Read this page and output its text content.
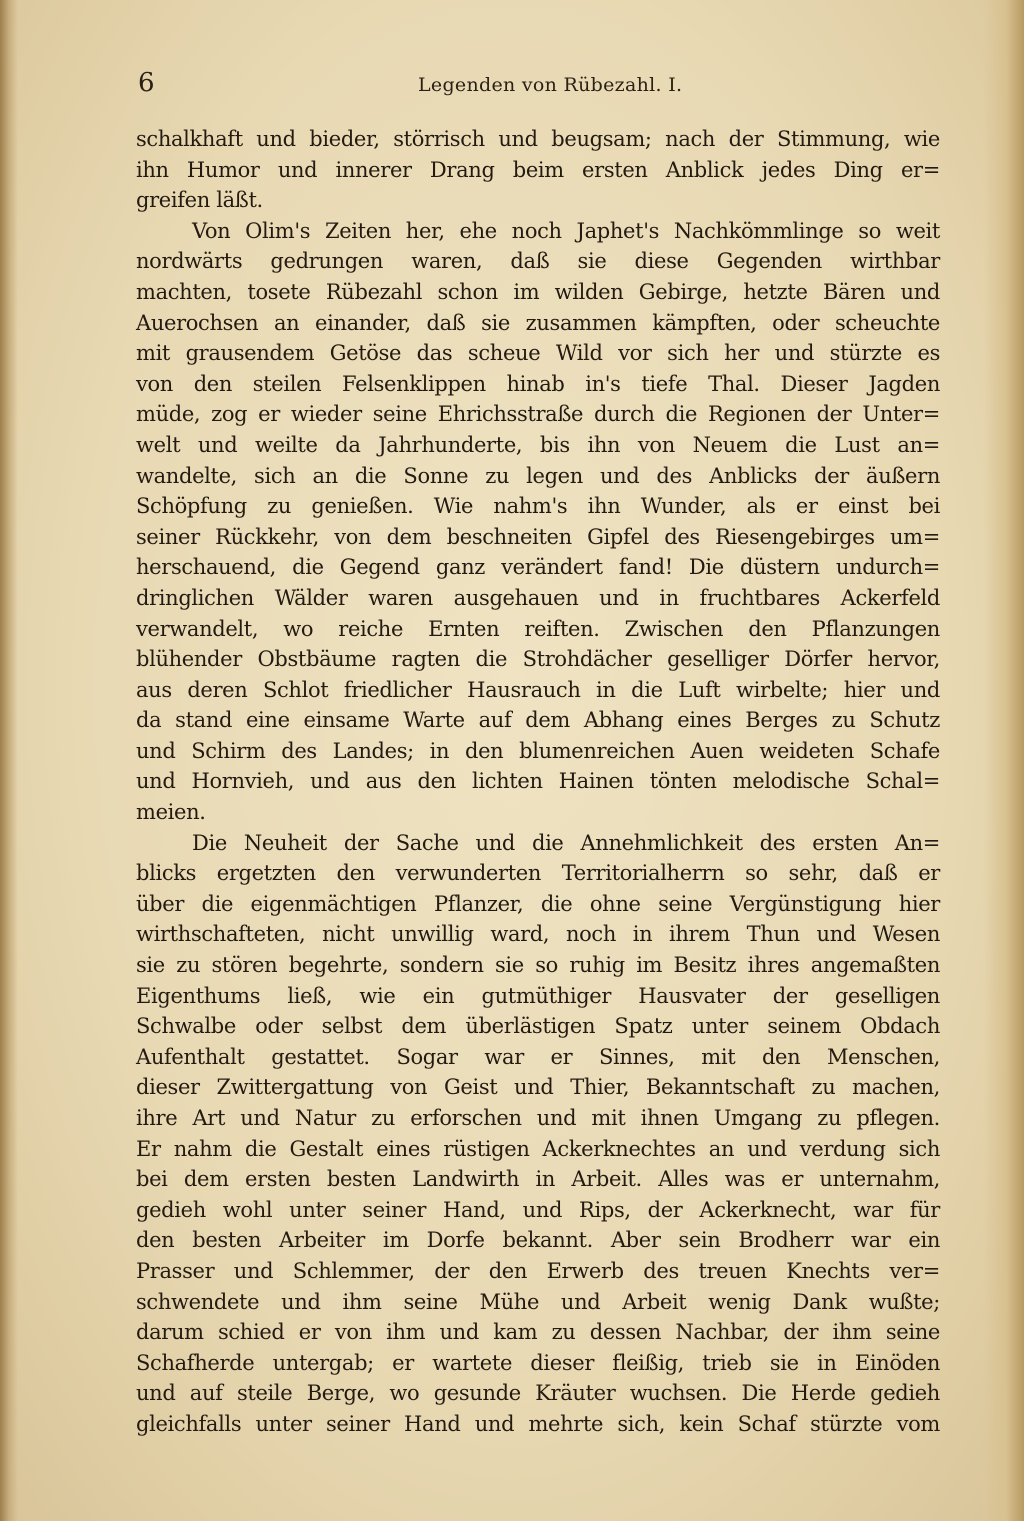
6	Legenden von Rübezahl. I.
schalkhaft und bieder, störrisch und beugsam; nach der Stimmung, wie
ihn Humor und innerer Drang beim ersten Anblick jedes Ding er=
greifen läßt.
Von Olim's Zeiten her, ehe noch Japhet's Nachkömmlinge so weit
nordwärts gedrungen waren, daß sie diese Gegenden wirthbar
machten, tosete Rübezahl schon im wilden Gebirge, hetzte Bären und
Auerochsen an einander, daß sie zusammen kämpften, oder scheuchte
mit grausendem Getöse das scheue Wild vor sich her und stürzte es
von den steilen Felsenklippen hinab in's tiefe Thal. Dieser Jagden
müde, zog er wieder seine Ehrichsstraße durch die Regionen der Unter=
welt und weilte da Jahrhunderte, bis ihn von Neuem die Lust an=
wandelte, sich an die Sonne zu legen und des Anblicks der äußern
Schöpfung zu genießen. Wie nahm's ihn Wunder, als er einst bei
seiner Rückkehr, von dem beschneiten Gipfel des Riesengebirges um=
herschauend, die Gegend ganz verändert fand! Die düstern undurch=
dringlichen Wälder waren ausgehauen und in fruchtbares Ackerfeld
verwandelt, wo reiche Ernten reiften. Zwischen den Pflanzungen
blühender Obstbäume ragten die Strohdächer geselliger Dörfer hervor,
aus deren Schlot friedlicher Hausrauch in die Luft wirbelte; hier und
da stand eine einsame Warte auf dem Abhang eines Berges zu Schutz
und Schirm des Landes; in den blumenreichen Auen weideten Schafe
und Hornvieh, und aus den lichten Hainen tönten melodische Schal=
meien.
Die Neuheit der Sache und die Annehmlichkeit des ersten An=
blicks ergetzten den verwunderten Territorialherrn so sehr, daß er
über die eigenmächtigen Pflanzer, die ohne seine Vergünstigung hier
wirthschafteten, nicht unwillig ward, noch in ihrem Thun und Wesen
sie zu stören begehrte, sondern sie so ruhig im Besitz ihres angemaßten
Eigenthums ließ, wie ein gutmüthiger Hausvater der geselligen
Schwalbe oder selbst dem überlästigen Spatz unter seinem Obdach
Aufenthalt gestattet. Sogar war er Sinnes, mit den Menschen,
dieser Zwittergattung von Geist und Thier, Bekanntschaft zu machen,
ihre Art und Natur zu erforschen und mit ihnen Umgang zu pflegen.
Er nahm die Gestalt eines rüstigen Ackerknechtes an und verdung sich
bei dem ersten besten Landwirth in Arbeit. Alles was er unternahm,
gedieh wohl unter seiner Hand, und Rips, der Ackerknecht, war für
den besten Arbeiter im Dorfe bekannt. Aber sein Brodherr war ein
Prasser und Schlemmer, der den Erwerb des treuen Knechts ver=
schwendete und ihm seine Mühe und Arbeit wenig Dank wußte;
darum schied er von ihm und kam zu dessen Nachbar, der ihm seine
Schafherde untergab; er wartete dieser fleißig, trieb sie in Einöden
und auf steile Berge, wo gesunde Kräuter wuchsen. Die Herde gedieh
gleichfalls unter seiner Hand und mehrte sich, kein Schaf stürzte vom
